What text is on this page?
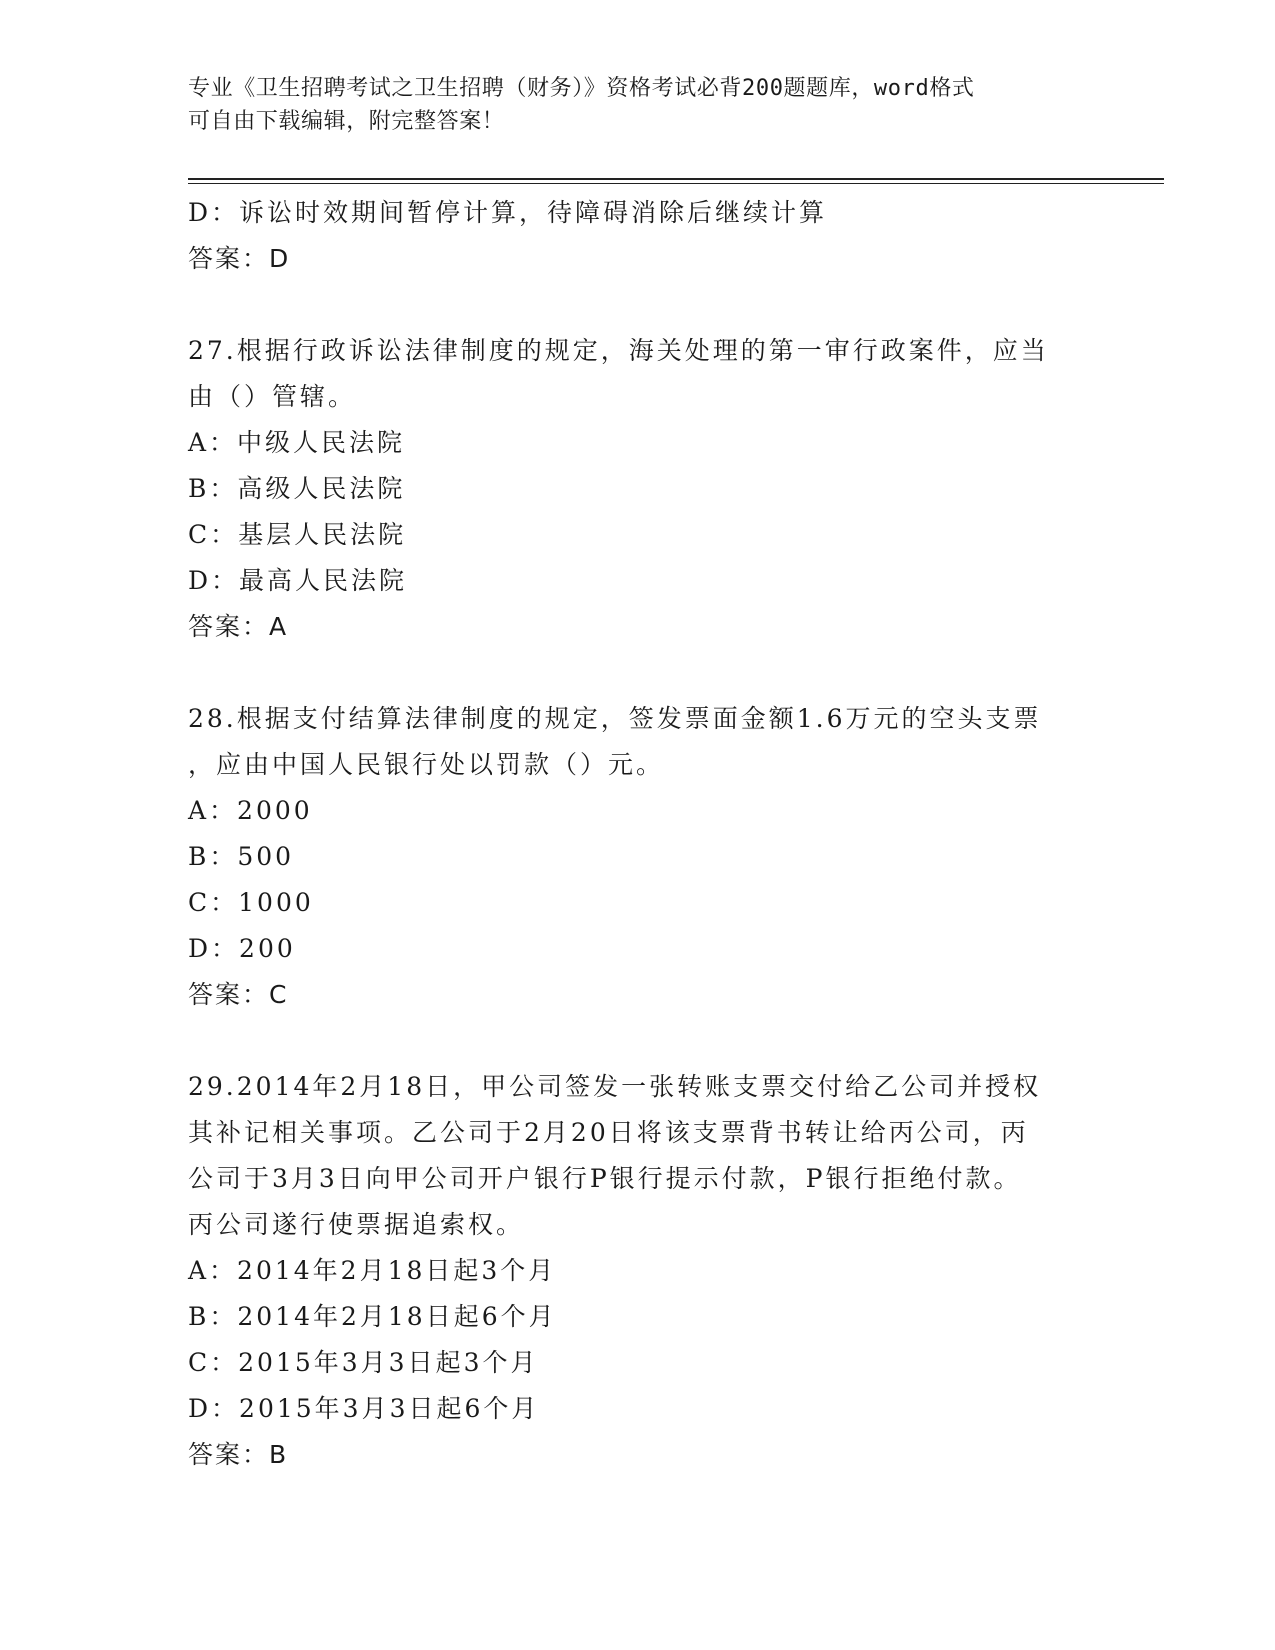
专业《卫生招聘考试之卫生招聘（财务）》资格考试必背200题题库，word格式
可自由下载编辑，附完整答案！
D：诉讼时效期间暂停计算，待障碍消除后继续计算
答案：D
27.根据行政诉讼法律制度的规定，海关处理的第一审行政案件，应当
由（）管辖。
A：中级人民法院
B：高级人民法院
C：基层人民法院
D：最高人民法院
答案：A
28.根据支付结算法律制度的规定，签发票面金额1.6万元的空头支票
，应由中国人民银行处以罚款（）元。
A：2000
B：500
C：1000
D：200
答案：C
29.2014年2月18日，甲公司签发一张转账支票交付给乙公司并授权
其补记相关事项。乙公司于2月20日将该支票背书转让给丙公司，丙
公司于3月3日向甲公司开户银行P银行提示付款，P银行拒绝付款。
丙公司遂行使票据追索权。
A：2014年2月18日起3个月
B：2014年2月18日起6个月
C：2015年3月3日起3个月
D：2015年3月3日起6个月
答案：B
